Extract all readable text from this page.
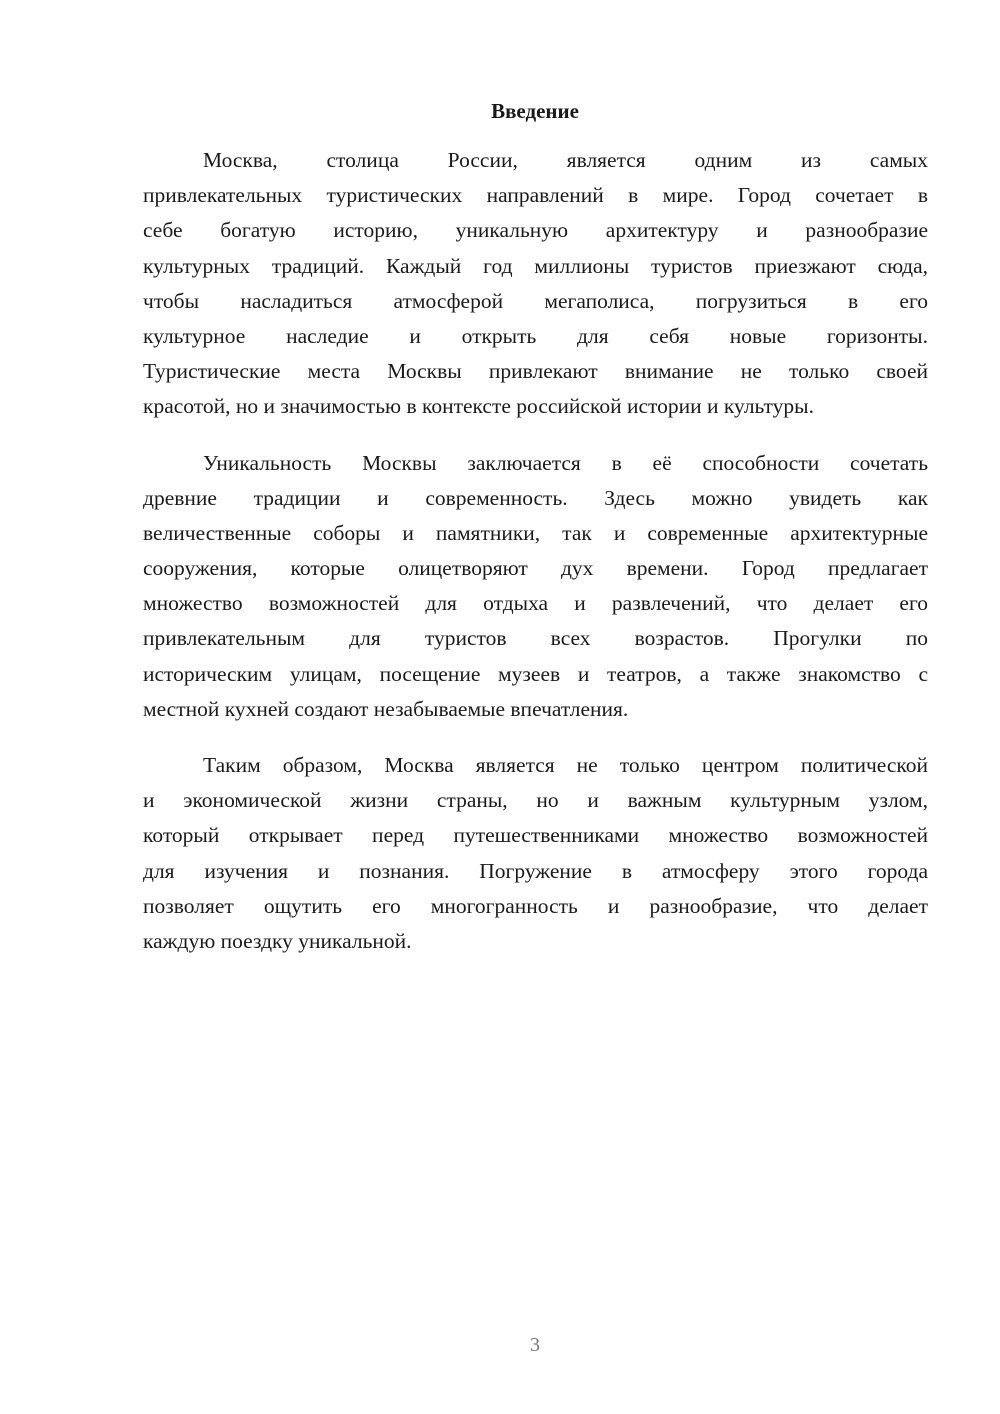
Введение
Москва, столица России, является одним из самых
привлекательных туристических направлений в мире. Город сочетает в
себе богатую историю, уникальную архитектуру и разнообразие
культурных традиций. Каждый год миллионы туристов приезжают сюда,
чтобы насладиться атмосферой мегаполиса, погрузиться в его
культурное наследие и открыть для себя новые горизонты.
Туристические места Москвы привлекают внимание не только своей
красотой, но и значимостью в контексте российской истории и культуры.
Уникальность Москвы заключается в её способности сочетать
древние традиции и современность. Здесь можно увидеть как
величественные соборы и памятники, так и современные архитектурные
сооружения, которые олицетворяют дух времени. Город предлагает
множество возможностей для отдыха и развлечений, что делает его
привлекательным для туристов всех возрастов. Прогулки по
историческим улицам, посещение музеев и театров, а также знакомство с
местной кухней создают незабываемые впечатления.
Таким образом, Москва является не только центром политической
и экономической жизни страны, но и важным культурным узлом,
который открывает перед путешественниками множество возможностей
для изучения и познания. Погружение в атмосферу этого города
позволяет ощутить его многогранность и разнообразие, что делает
каждую поездку уникальной.
3
